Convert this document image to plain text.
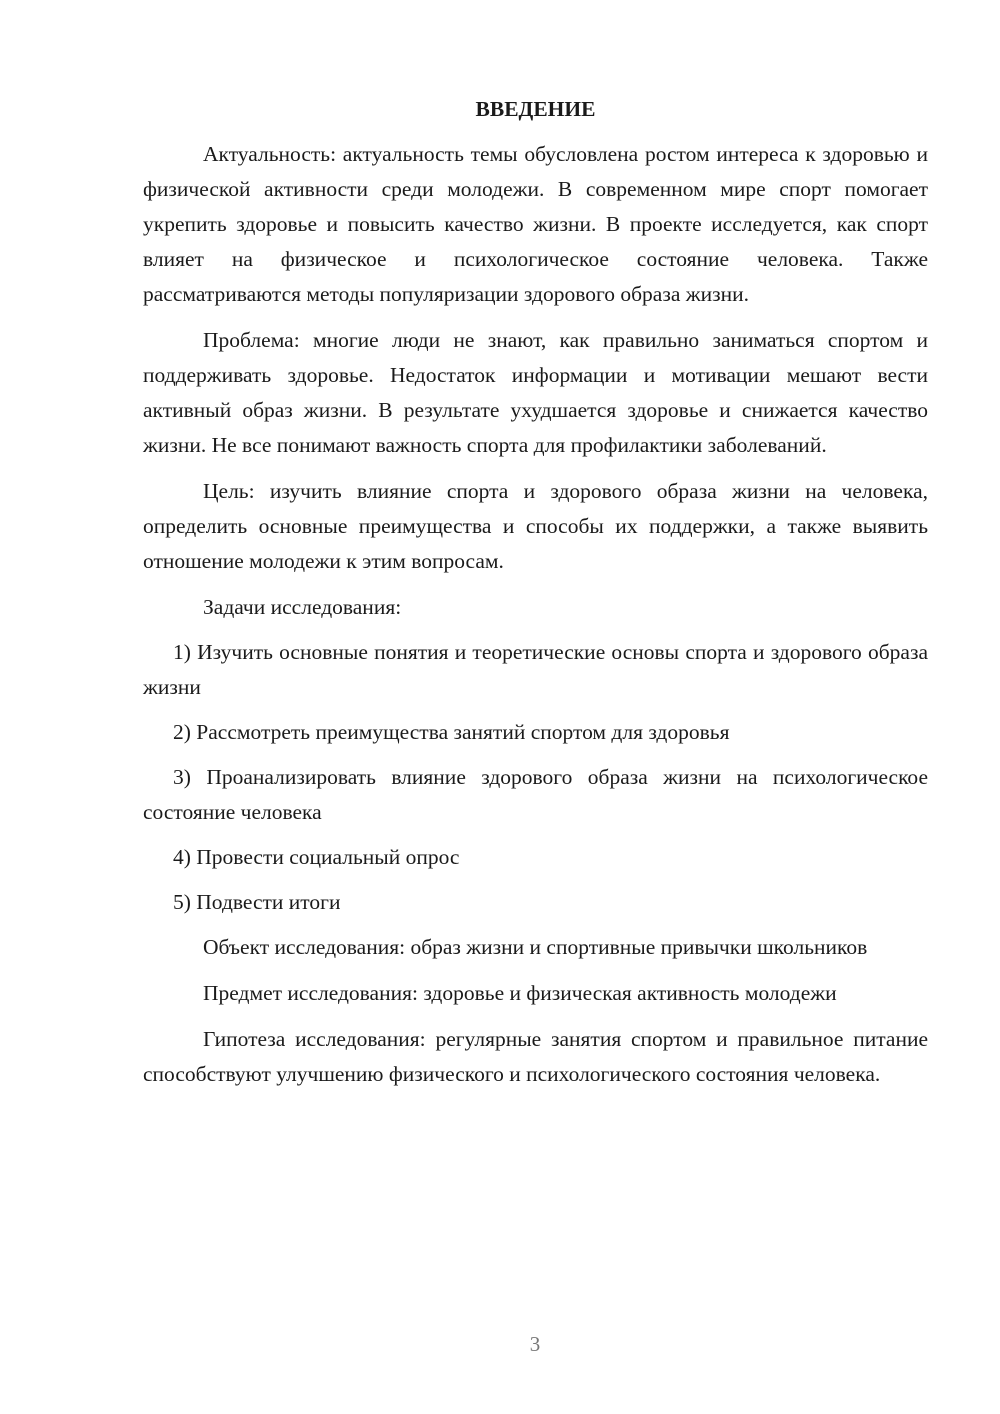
ВВЕДЕНИЕ

Актуальность: актуальность темы обусловлена ростом интереса к здоровью и физической активности среди молодежи. В современном мире спорт помогает укрепить здоровье и повысить качество жизни. В проекте исследуется, как спорт влияет на физическое и психологическое состояние человека. Также рассматриваются методы популяризации здорового образа жизни.

Проблема: многие люди не знают, как правильно заниматься спортом и поддерживать здоровье. Недостаток информации и мотивации мешают вести активный образ жизни. В результате ухудшается здоровье и снижается качество жизни. Не все понимают важность спорта для профилактики заболеваний.

Цель: изучить влияние спорта и здорового образа жизни на человека, определить основные преимущества и способы их поддержки, а также выявить отношение молодежи к этим вопросам.

Задачи исследования:

1) Изучить основные понятия и теоретические основы спорта и здорового образа жизни

2) Рассмотреть преимущества занятий спортом для здоровья

3) Проанализировать влияние здорового образа жизни на психологическое состояние человека

4) Провести социальный опрос

5) Подвести итоги

Объект исследования: образ жизни и спортивные привычки школьников

Предмет исследования: здоровье и физическая активность молодежи

Гипотеза исследования: регулярные занятия спортом и правильное питание способствуют улучшению физического и психологического состояния человека.

3
